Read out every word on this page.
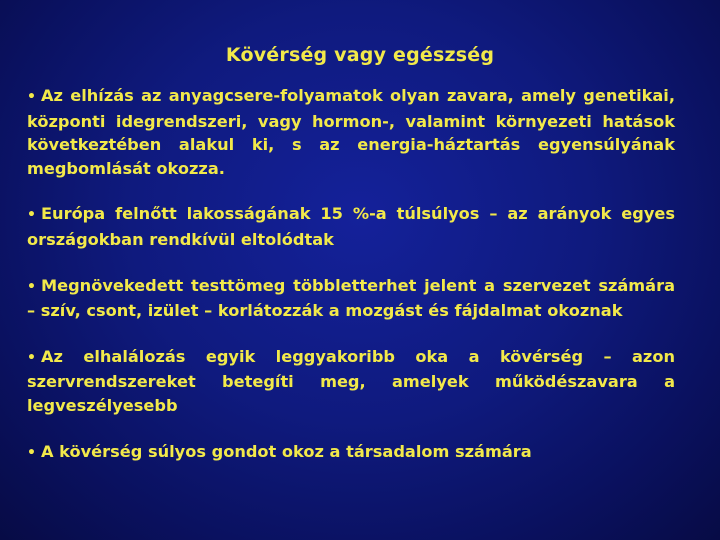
Kövérség vagy egészség
• Az elhízás az anyagcsere-folyamatok olyan zavara, amely genetikai, központi idegrendszeri, vagy hormon-, valamint környezeti hatások következtében alakul ki, s az energia-háztartás egyensúlyának megbomlását okozza.
• Európa felnőtt lakosságának 15 %-a túlsúlyos – az arányok egyes országokban rendkívül eltolódtak
• Megnövekedett testtömeg többletterhet jelent a szervezet számára – szív, csont, izület – korlátozzák a mozgást és fájdalmat okoznak
• Az elhalálozás egyik leggyakoribb oka a kövérség – azon szervrendszereket betegíti meg, amelyek működészavara a legveszélyesebb
• A kövérség súlyos gondot okoz a társadalom számára
